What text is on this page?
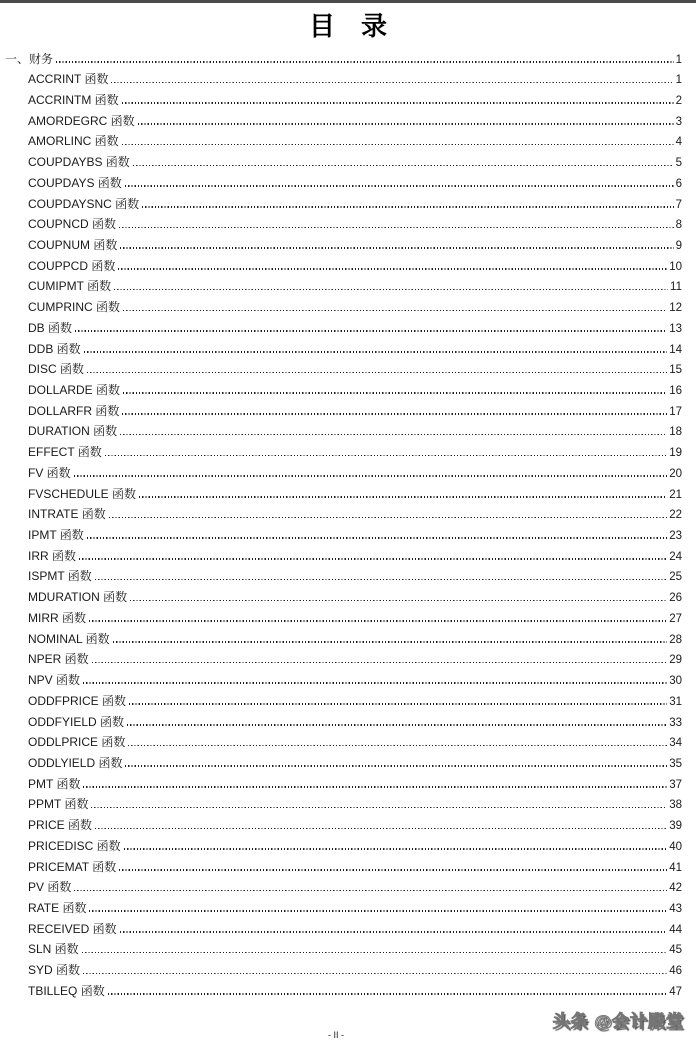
目　录
一、财务	1
ACCRINT 函数	1
ACCRINTM 函数	2
AMORDEGRC 函数	3
AMORLINC 函数	4
COUPDAYBS 函数	5
COUPDAYS 函数	6
COUPDAYSNC 函数	7
COUPNCD 函数	8
COUPNUM 函数	9
COUPPCD 函数	10
CUMIPMT 函数	11
CUMPRINC 函数	12
DB 函数	13
DDB 函数	14
DISC 函数	15
DOLLARDE 函数	16
DOLLARFR 函数	17
DURATION 函数	18
EFFECT 函数	19
FV 函数	20
FVSCHEDULE 函数	21
INTRATE 函数	22
IPMT 函数	23
IRR 函数	24
ISPMT 函数	25
MDURATION 函数	26
MIRR 函数	27
NOMINAL 函数	28
NPER 函数	29
NPV 函数	30
ODDFPRICE 函数	31
ODDFYIELD 函数	33
ODDLPRICE 函数	34
ODDLYIELD 函数	35
PMT 函数	37
PPMT 函数	38
PRICE 函数	39
PRICEDISC 函数	40
PRICEMAT 函数	41
PV 函数	42
RATE 函数	43
RECEIVED 函数	44
SLN 函数	45
SYD 函数	46
TBILLEQ 函数	47
- II -
头条 @会计殿堂
